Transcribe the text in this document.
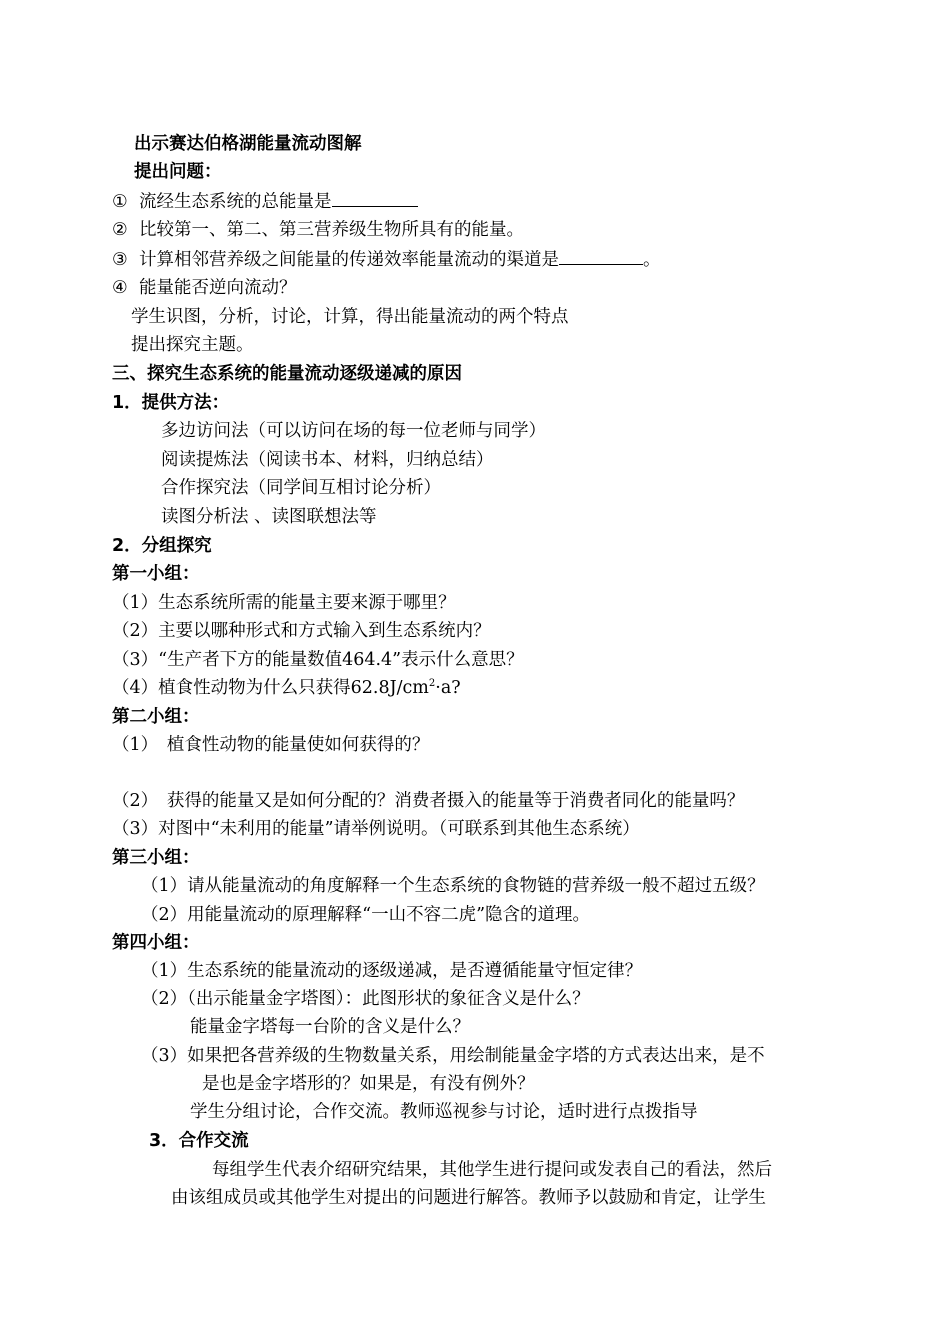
出示赛达伯格湖能量流动图解
提出问题：
① 流经生态系统的总能量是
② 比较第一、第二、第三营养级生物所具有的能量。
③ 计算相邻营养级之间能量的传递效率能量流动的渠道是	。
④ 能量能否逆向流动？
学生识图，分析，讨论，计算，得出能量流动的两个特点
提出探究主题。
三、探究生态系统的能量流动逐级递减的原因
1．提供方法：
多边访问法（可以访问在场的每一位老师与同学）
阅读提炼法（阅读书本、材料，归纳总结）
合作探究法（同学间互相讨论分析）
读图分析法 、读图联想法等
2．分组探究
第一小组：
（1）生态系统所需的能量主要来源于哪里？
（2）主要以哪种形式和方式输入到生态系统内？
（3）“生产者下方的能量数值464.4”表示什么意思？
（4）植食性动物为什么只获得$62.8J/cm^2\cdot a$?
第二小组：
（1）　植食性动物的能量使如何获得的？
（2）　获得的能量又是如何分配的？消费者摄入的能量等于消费者同化的能量吗？
（3）对图中“未利用的能量”请举例说明。（可联系到其他生态系统）
第三小组：
（1）请从能量流动的角度解释一个生态系统的食物链的营养级一般不超过五级？
（2）用能量流动的原理解释“一山不容二虎”隐含的道理。
第四小组：
（1）生态系统的能量流动的逐级递减，是否遵循能量守恒定律？
（2）（出示能量金字塔图）：此图形状的象征含义是什么？
能量金字塔每一台阶的含义是什么？
（3）如果把各营养级的生物数量关系，用绘制能量金字塔的方式表达出来，是不
是也是金字塔形的？如果是，有没有例外？
学生分组讨论，合作交流。教师巡视参与讨论，适时进行点拨指导
3．合作交流
每组学生代表介绍研究结果，其他学生进行提问或发表自己的看法，然后
由该组成员或其他学生对提出的问题进行解答。教师予以鼓励和肯定，让学生
